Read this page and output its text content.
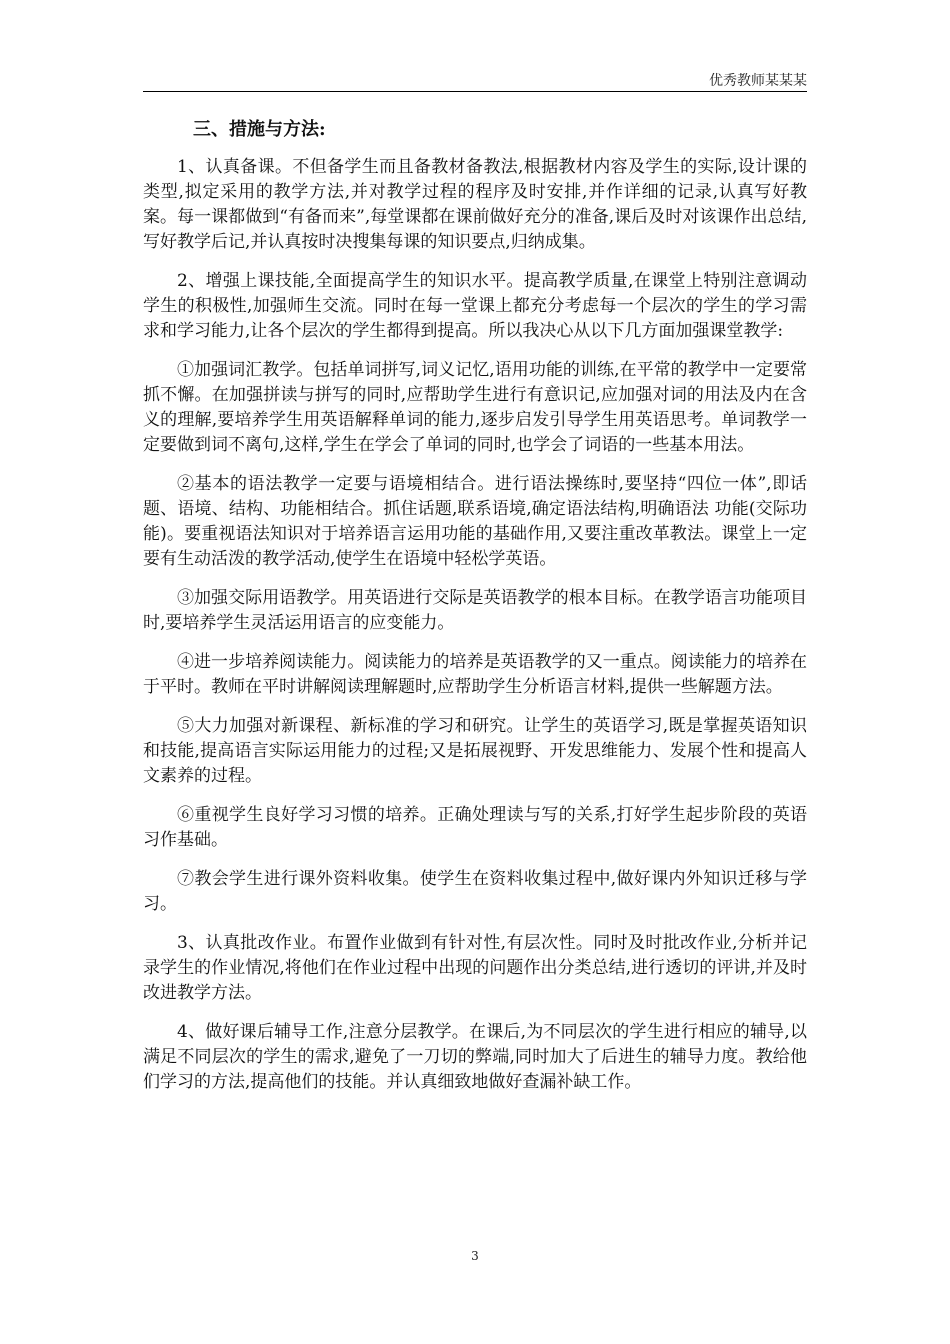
优秀教师某某某

三、措施与方法:

1、认真备课。不但备学生而且备教材备教法,根据教材内容及学生的实际,设计课的类型,拟定采用的教学方法,并对教学过程的程序及时安排,并作详细的记录,认真写好教案。每一课都做到“有备而来”,每堂课都在课前做好充分的准备,课后及时对该课作出总结,写好教学后记,并认真按时决搜集每课的知识要点,归纳成集。

2、增强上课技能,全面提高学生的知识水平。提高教学质量,在课堂上特别注意调动学生的积极性,加强师生交流。同时在每一堂课上都充分考虑每一个层次的学生的学习需求和学习能力,让各个层次的学生都得到提高。所以我决心从以下几方面加强课堂教学:

①加强词汇教学。包括单词拼写,词义记忆,语用功能的训练,在平常的教学中一定要常抓不懈。在加强拼读与拼写的同时,应帮助学生进行有意识记,应加强对词的用法及内在含义的理解,要培养学生用英语解释单词的能力,逐步启发引导学生用英语思考。单词教学一定要做到词不离句,这样,学生在学会了单词的同时,也学会了词语的一些基本用法。

②基本的语法教学一定要与语境相结合。进行语法操练时,要坚持“四位一体”,即话题、语境、结构、功能相结合。抓住话题,联系语境,确定语法结构,明确语法 功能(交际功能)。要重视语法知识对于培养语言运用功能的基础作用,又要注重改革教法。课堂上一定要有生动活泼的教学活动,使学生在语境中轻松学英语。

③加强交际用语教学。用英语进行交际是英语教学的根本目标。在教学语言功能项目时,要培养学生灵活运用语言的应变能力。

④进一步培养阅读能力。阅读能力的培养是英语教学的又一重点。阅读能力的培养在于平时。教师在平时讲解阅读理解题时,应帮助学生分析语言材料,提供一些解题方法。

⑤大力加强对新课程、新标准的学习和研究。让学生的英语学习,既是掌握英语知识和技能,提高语言实际运用能力的过程;又是拓展视野、开发思维能力、发展个性和提高人文素养的过程。

⑥重视学生良好学习习惯的培养。正确处理读与写的关系,打好学生起步阶段的英语习作基础。

⑦教会学生进行课外资料收集。使学生在资料收集过程中,做好课内外知识迁移与学习。

3、认真批改作业。布置作业做到有针对性,有层次性。同时及时批改作业,分析并记录学生的作业情况,将他们在作业过程中出现的问题作出分类总结,进行透切的评讲,并及时改进教学方法。

4、做好课后辅导工作,注意分层教学。在课后,为不同层次的学生进行相应的辅导,以满足不同层次的学生的需求,避免了一刀切的弊端,同时加大了后进生的辅导力度。教给他们学习的方法,提高他们的技能。并认真细致地做好查漏补缺工作。

3
